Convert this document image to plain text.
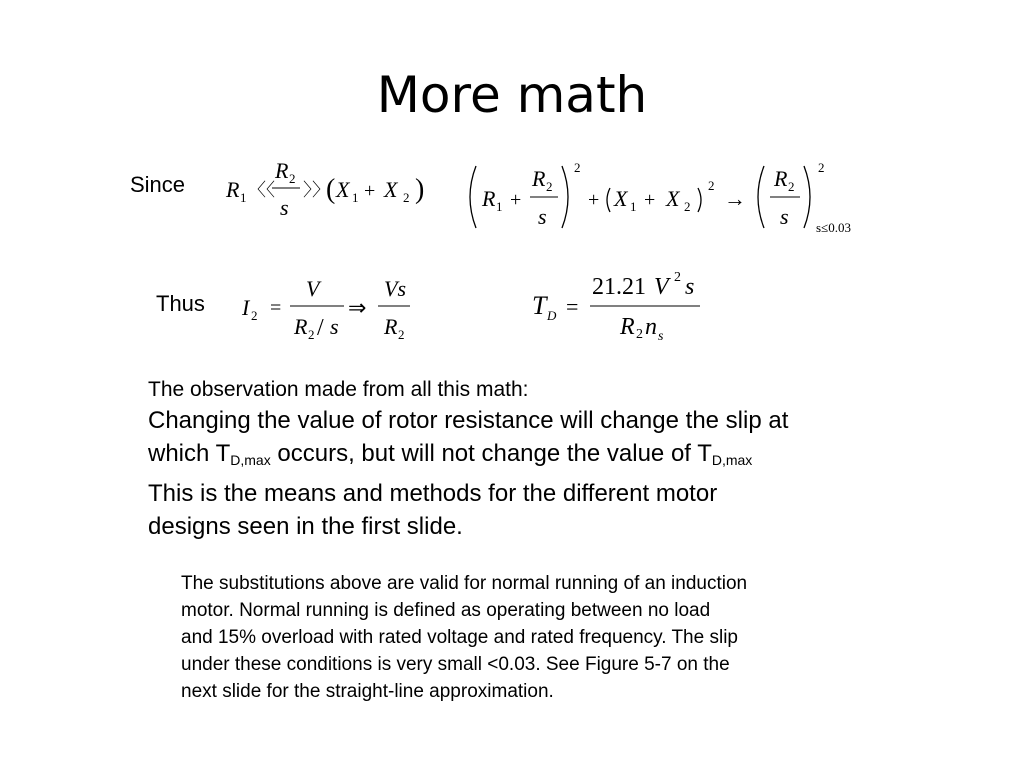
More math
Since
Thus
R 1 〈〈
R 2
s
〉〉
( X 1 + X 2 )	R 1 +
R 2
s
2
+ X 1 + X 2
2
→
R 2
s
2
s≤0.03
I 2 =
V
R 2 / s
⇒
Vs
R 2
T D =
21.21 V 2 s
R 2 n s
The observation made from all this math:
Changing the value of rotor resistance will change the slip at
which TD,max occurs, but will not change the value of TD,max
This is the means and methods for the different motor
designs seen in the first slide.
The substitutions above are valid for normal running of an induction
motor. Normal running is defined as operating between no load
and 15% overload with rated voltage and rated frequency. The slip
under these conditions is very small <0.03. See Figure 5-7 on the
next slide for the straight-line approximation.
